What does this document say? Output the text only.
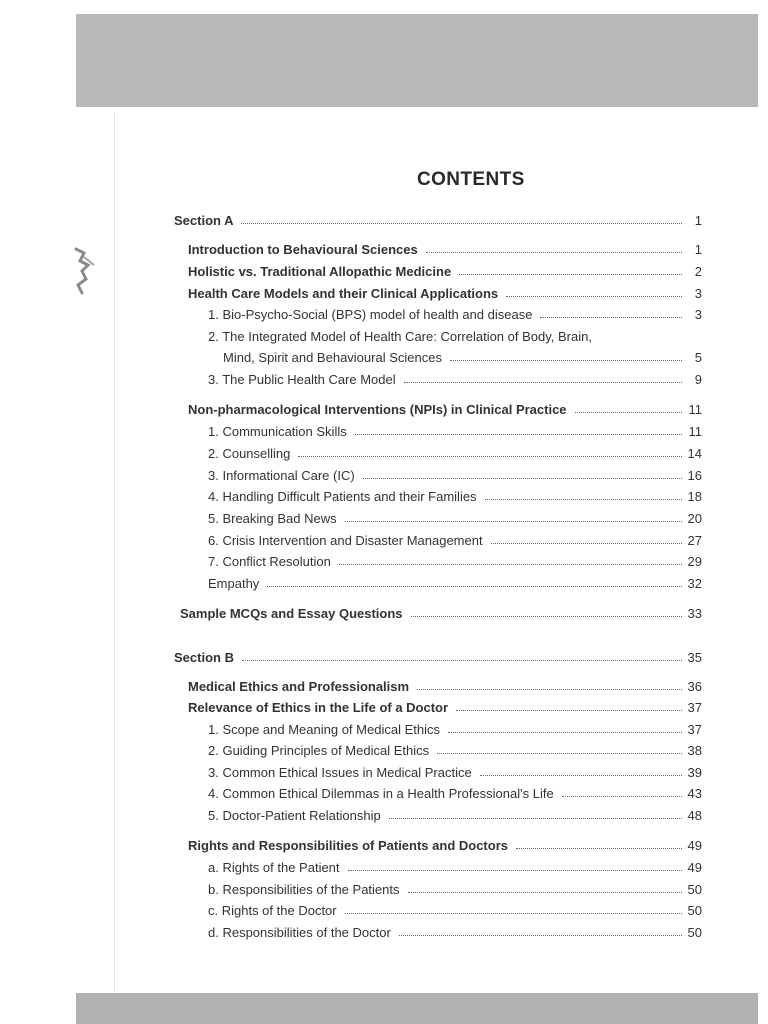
CONTENTS
Section A	1
Introduction to Behavioural Sciences	1
Holistic vs. Traditional Allopathic Medicine	2
Health Care Models and their Clinical Applications	3
1. Bio-Psycho-Social (BPS) model of health and disease	3
2. The Integrated Model of Health Care: Correlation of Body, Brain,
Mind, Spirit and Behavioural Sciences	5
3. The Public Health Care Model	9
Non-pharmacological Interventions (NPIs) in Clinical Practice	11
1. Communication Skills	11
2. Counselling	14
3. Informational Care (IC)	16
4. Handling Difficult Patients and their Families	18
5. Breaking Bad News	20
6. Crisis Intervention and Disaster Management	27
7. Conflict Resolution	29
Empathy	32
Sample MCQs and Essay Questions	33
Section B	35
Medical Ethics and Professionalism	36
Relevance of Ethics in the Life of a Doctor	37
1. Scope and Meaning of Medical Ethics	37
2. Guiding Principles of Medical Ethics	38
3. Common Ethical Issues in Medical Practice	39
4. Common Ethical Dilemmas in a Health Professional's Life	43
5. Doctor-Patient Relationship	48
Rights and Responsibilities of Patients and Doctors	49
a. Rights of the Patient	49
b. Responsibilities of the Patients	50
c. Rights of the Doctor	50
d. Responsibilities of the Doctor	50
